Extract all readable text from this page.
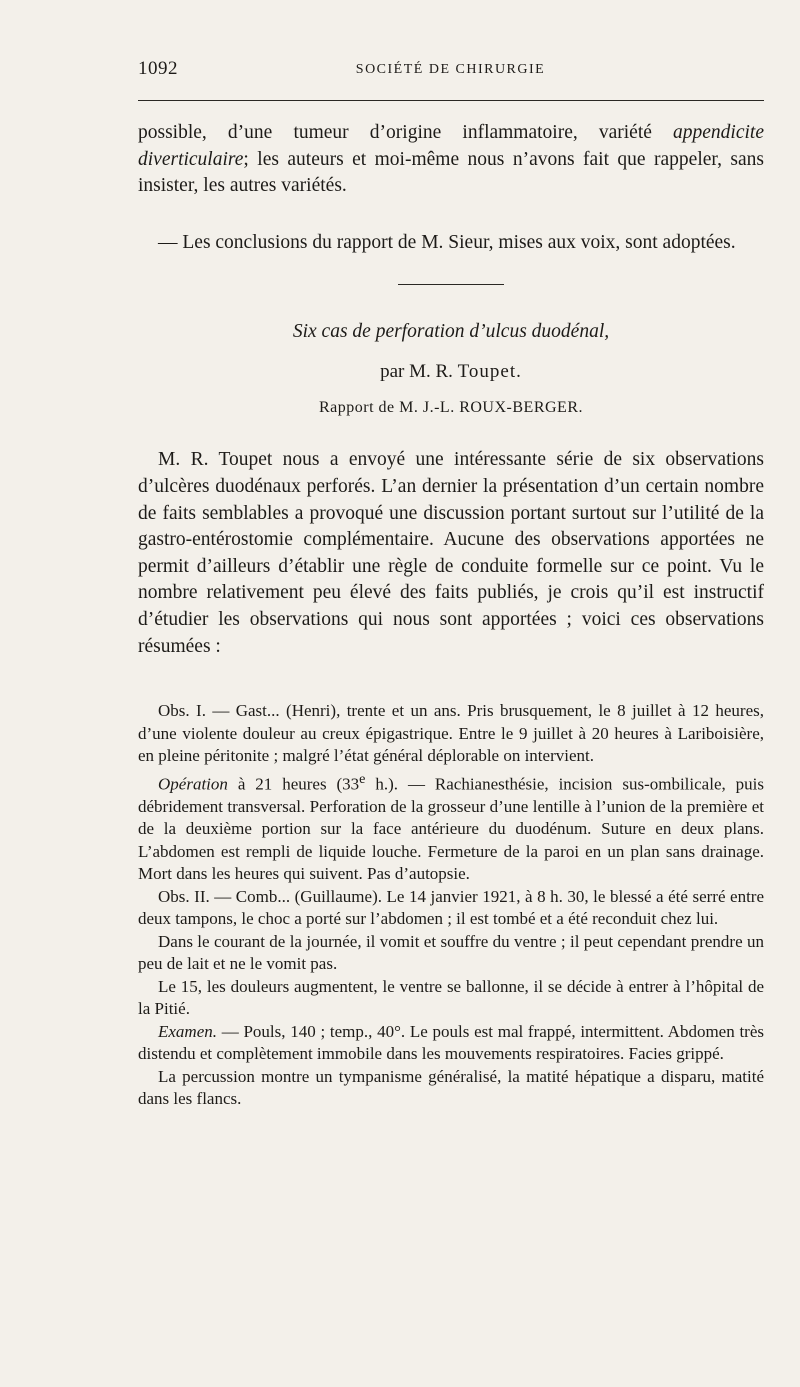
1092	SOCIÉTÉ DE CHIRURGIE

possible, d’une tumeur d’origine inflammatoire, variété appendicite diverticulaire; les auteurs et moi-même nous n’avons fait que rappeler, sans insister, les autres variétés.

— Les conclusions du rapport de M. Sieur, mises aux voix, sont adoptées.

Six cas de perforation d’ulcus duodénal,
par M. R. Toupet.
Rapport de M. J.-L. ROUX-BERGER.

M. R. Toupet nous a envoyé une intéressante série de six observations d’ulcères duodénaux perforés. L’an dernier la présentation d’un certain nombre de faits semblables a provoqué une discussion portant surtout sur l’utilité de la gastro-entérostomie complémentaire. Aucune des observations apportées ne permit d’ailleurs d’établir une règle de conduite formelle sur ce point. Vu le nombre relativement peu élevé des faits publiés, je crois qu’il est instructif d’étudier les observations qui nous sont apportées ; voici ces observations résumées :

Obs. I. — Gast... (Henri), trente et un ans. Pris brusquement, le 8 juillet à 12 heures, d’une violente douleur au creux épigastrique. Entre le 9 juillet à 20 heures à Lariboisière, en pleine péritonite ; malgré l’état général déplorable on intervient.

Opération à 21 heures (33e h.). — Rachianesthésie, incision sus-ombilicale, puis débridement transversal. Perforation de la grosseur d’une lentille à l’union de la première et de la deuxième portion sur la face antérieure du duodénum. Suture en deux plans. L’abdomen est rempli de liquide louche. Fermeture de la paroi en un plan sans drainage. Mort dans les heures qui suivent. Pas d’autopsie.

Obs. II. — Comb... (Guillaume). Le 14 janvier 1921, à 8 h. 30, le blessé a été serré entre deux tampons, le choc a porté sur l’abdomen ; il est tombé et a été reconduit chez lui.

Dans le courant de la journée, il vomit et souffre du ventre ; il peut cependant prendre un peu de lait et ne le vomit pas.

Le 15, les douleurs augmentent, le ventre se ballonne, il se décide à entrer à l’hôpital de la Pitié.

Examen. — Pouls, 140 ; temp., 40°. Le pouls est mal frappé, intermittent. Abdomen très distendu et complètement immobile dans les mouvements respiratoires. Facies grippé.

La percussion montre un tympanisme généralisé, la matité hépatique a disparu, matité dans les flancs.
